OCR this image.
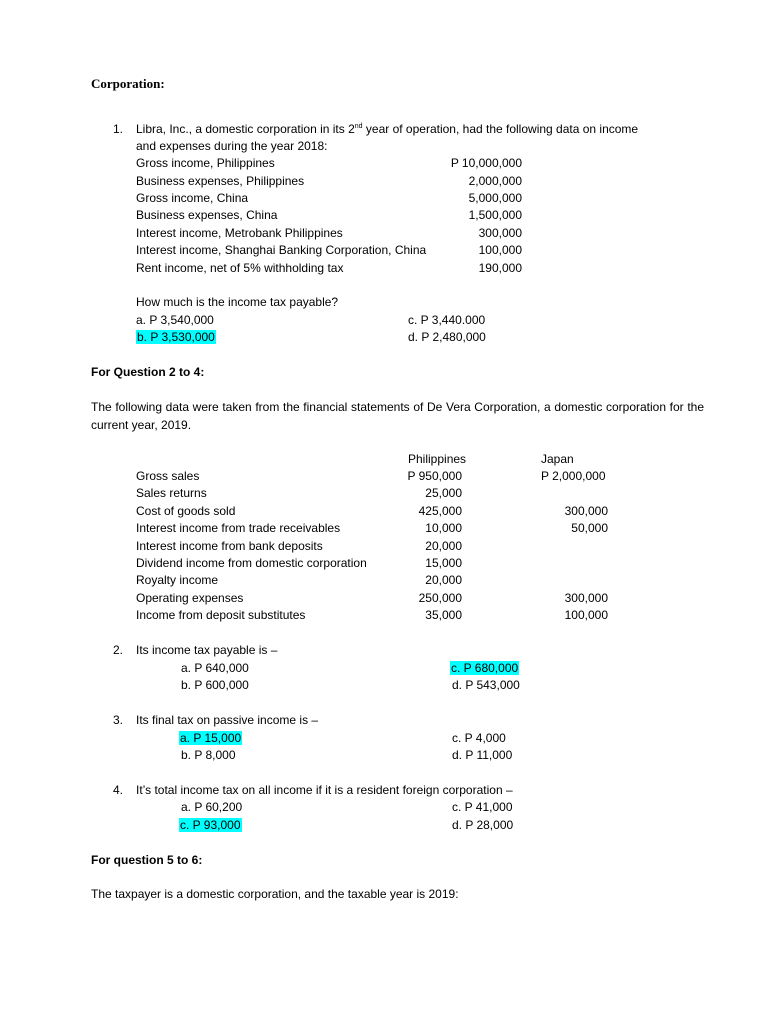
Corporation:
1. Libra, Inc., a domestic corporation in its 2nd year of operation, had the following data on income
and expenses during the year 2018:
Gross income, Philippines	P 10,000,000
Business expenses, Philippines	2,000,000
Gross income, China	5,000,000
Business expenses, China	1,500,000
Interest income, Metrobank Philippines	300,000
Interest income, Shanghai Banking Corporation, China	100,000
Rent income, net of 5% withholding tax	190,000
How much is the income tax payable?
a. P 3,540,000	c. P 3,440.000
b. P 3,530,000	d. P 2,480,000
For Question 2 to 4:
The following data were taken from the financial statements of De Vera Corporation, a domestic corporation for the current year, 2019.
Philippines	Japan
Gross sales	P 950,000	P 2,000,000
Sales returns	25,000
Cost of goods sold	425,000	300,000
Interest income from trade receivables	10,000	50,000
Interest income from bank deposits	20,000
Dividend income from domestic corporation	15,000
Royalty income	20,000
Operating expenses	250,000	300,000
Income from deposit substitutes	35,000	100,000
2. Its income tax payable is –
a. P 640,000	c. P 680,000
b. P 600,000	d. P 543,000
3. Its final tax on passive income is –
a. P 15,000	c. P 4,000
b. P 8,000	d. P 11,000
4. It’s total income tax on all income if it is a resident foreign corporation –
a. P 60,200	c. P 41,000
c. P 93,000	d. P 28,000
For question 5 to 6:
The taxpayer is a domestic corporation, and the taxable year is 2019:
